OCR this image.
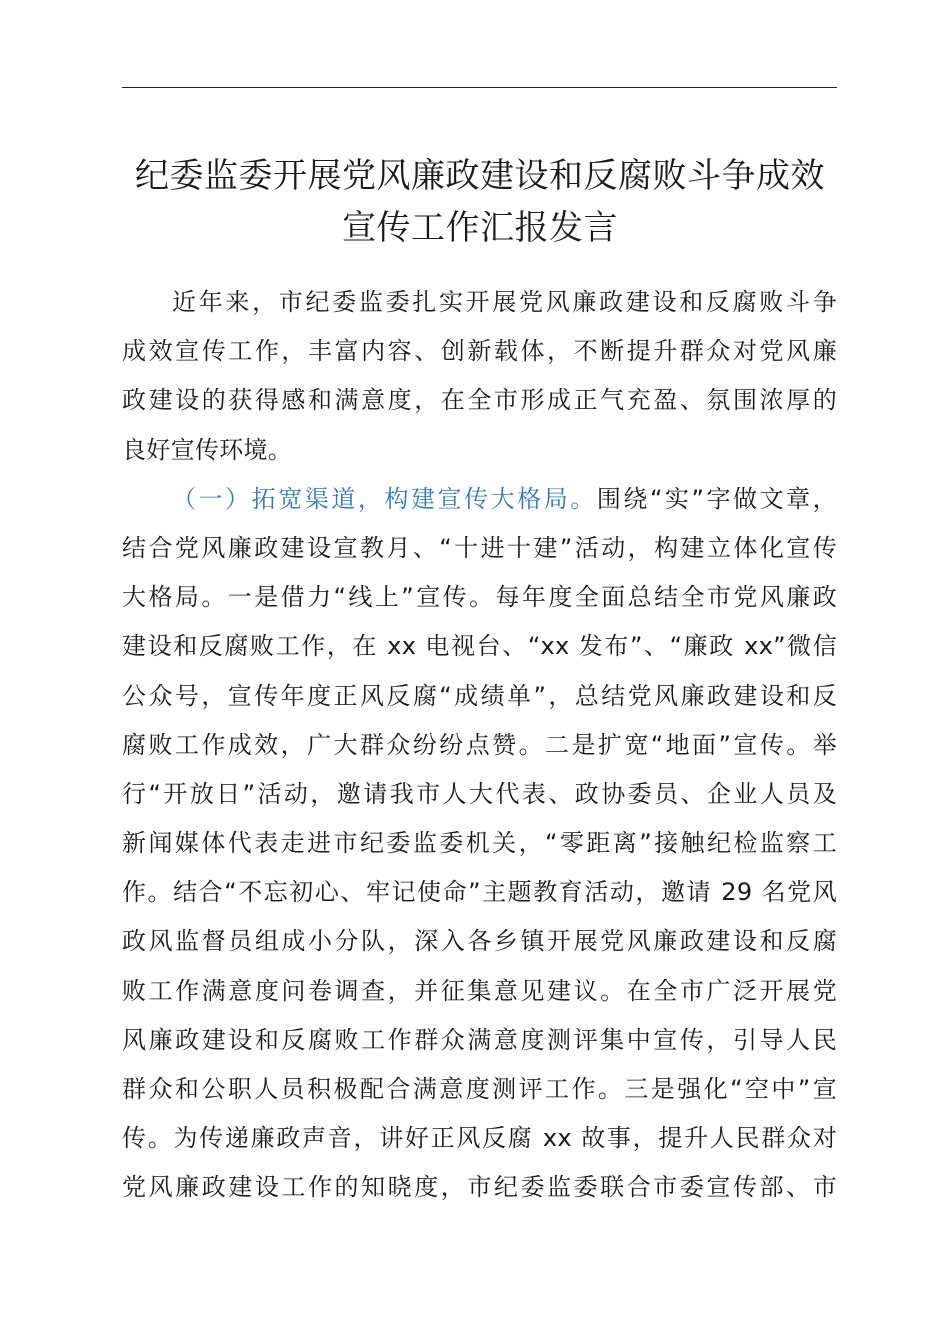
纪委监委开展党风廉政建设和反腐败斗争成效
宣传工作汇报发言

近年来，市纪委监委扎实开展党风廉政建设和反腐败斗争
成效宣传工作，丰富内容、创新载体，不断提升群众对党风廉
政建设的获得感和满意度，在全市形成正气充盈、氛围浓厚的
良好宣传环境。

（一）拓宽渠道，构建宣传大格局。围绕“实”字做文章，
结合党风廉政建设宣教月、“十进十建”活动，构建立体化宣传
大格局。一是借力“线上”宣传。每年度全面总结全市党风廉政
建设和反腐败工作，在 xx 电视台、“xx 发布”、“廉政 xx”微信
公众号，宣传年度正风反腐“成绩单”，总结党风廉政建设和反
腐败工作成效，广大群众纷纷点赞。二是扩宽“地面”宣传。举
行“开放日”活动，邀请我市人大代表、政协委员、企业人员及
新闻媒体代表走进市纪委监委机关，“零距离”接触纪检监察工
作。结合“不忘初心、牢记使命”主题教育活动，邀请 29 名党风
政风监督员组成小分队，深入各乡镇开展党风廉政建设和反腐
败工作满意度问卷调查，并征集意见建议。在全市广泛开展党
风廉政建设和反腐败工作群众满意度测评集中宣传，引导人民
群众和公职人员积极配合满意度测评工作。三是强化“空中”宣
传。为传递廉政声音，讲好正风反腐 xx 故事，提升人民群众对
党风廉政建设工作的知晓度，市纪委监委联合市委宣传部、市
